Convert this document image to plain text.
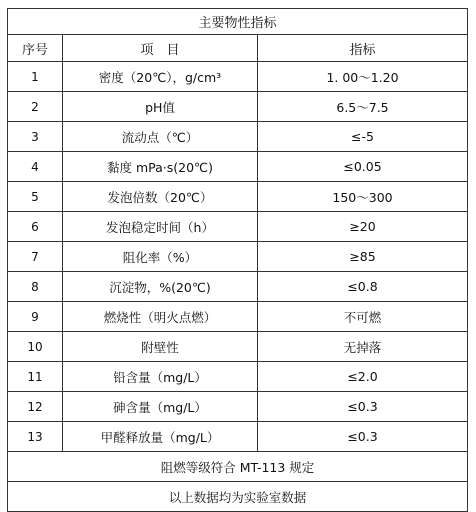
主要物性指标		
序号	项　目	指标
1	密度（20℃），g/cm³	1. 00～1.20
2	pH值	6.5～7.5
3	流动点（℃）	≤-5
4	黏度 mPa·s(20℃)	≤0.05
5	发泡倍数（20℃）	150～300
6	发泡稳定时间（h）	≥20
7	阻化率（%）	≥85
8	沉淀物，%(20℃)	≤0.8
9	燃烧性（明火点燃）	不可燃
10	附壁性	无掉落
11	铅含量（mg/L）	≤2.0
12	砷含量（mg/L）	≤0.3
13	甲醛释放量（mg/L）	≤0.3
阻燃等级符合 MT-113 规定		
以上数据均为实验室数据		
